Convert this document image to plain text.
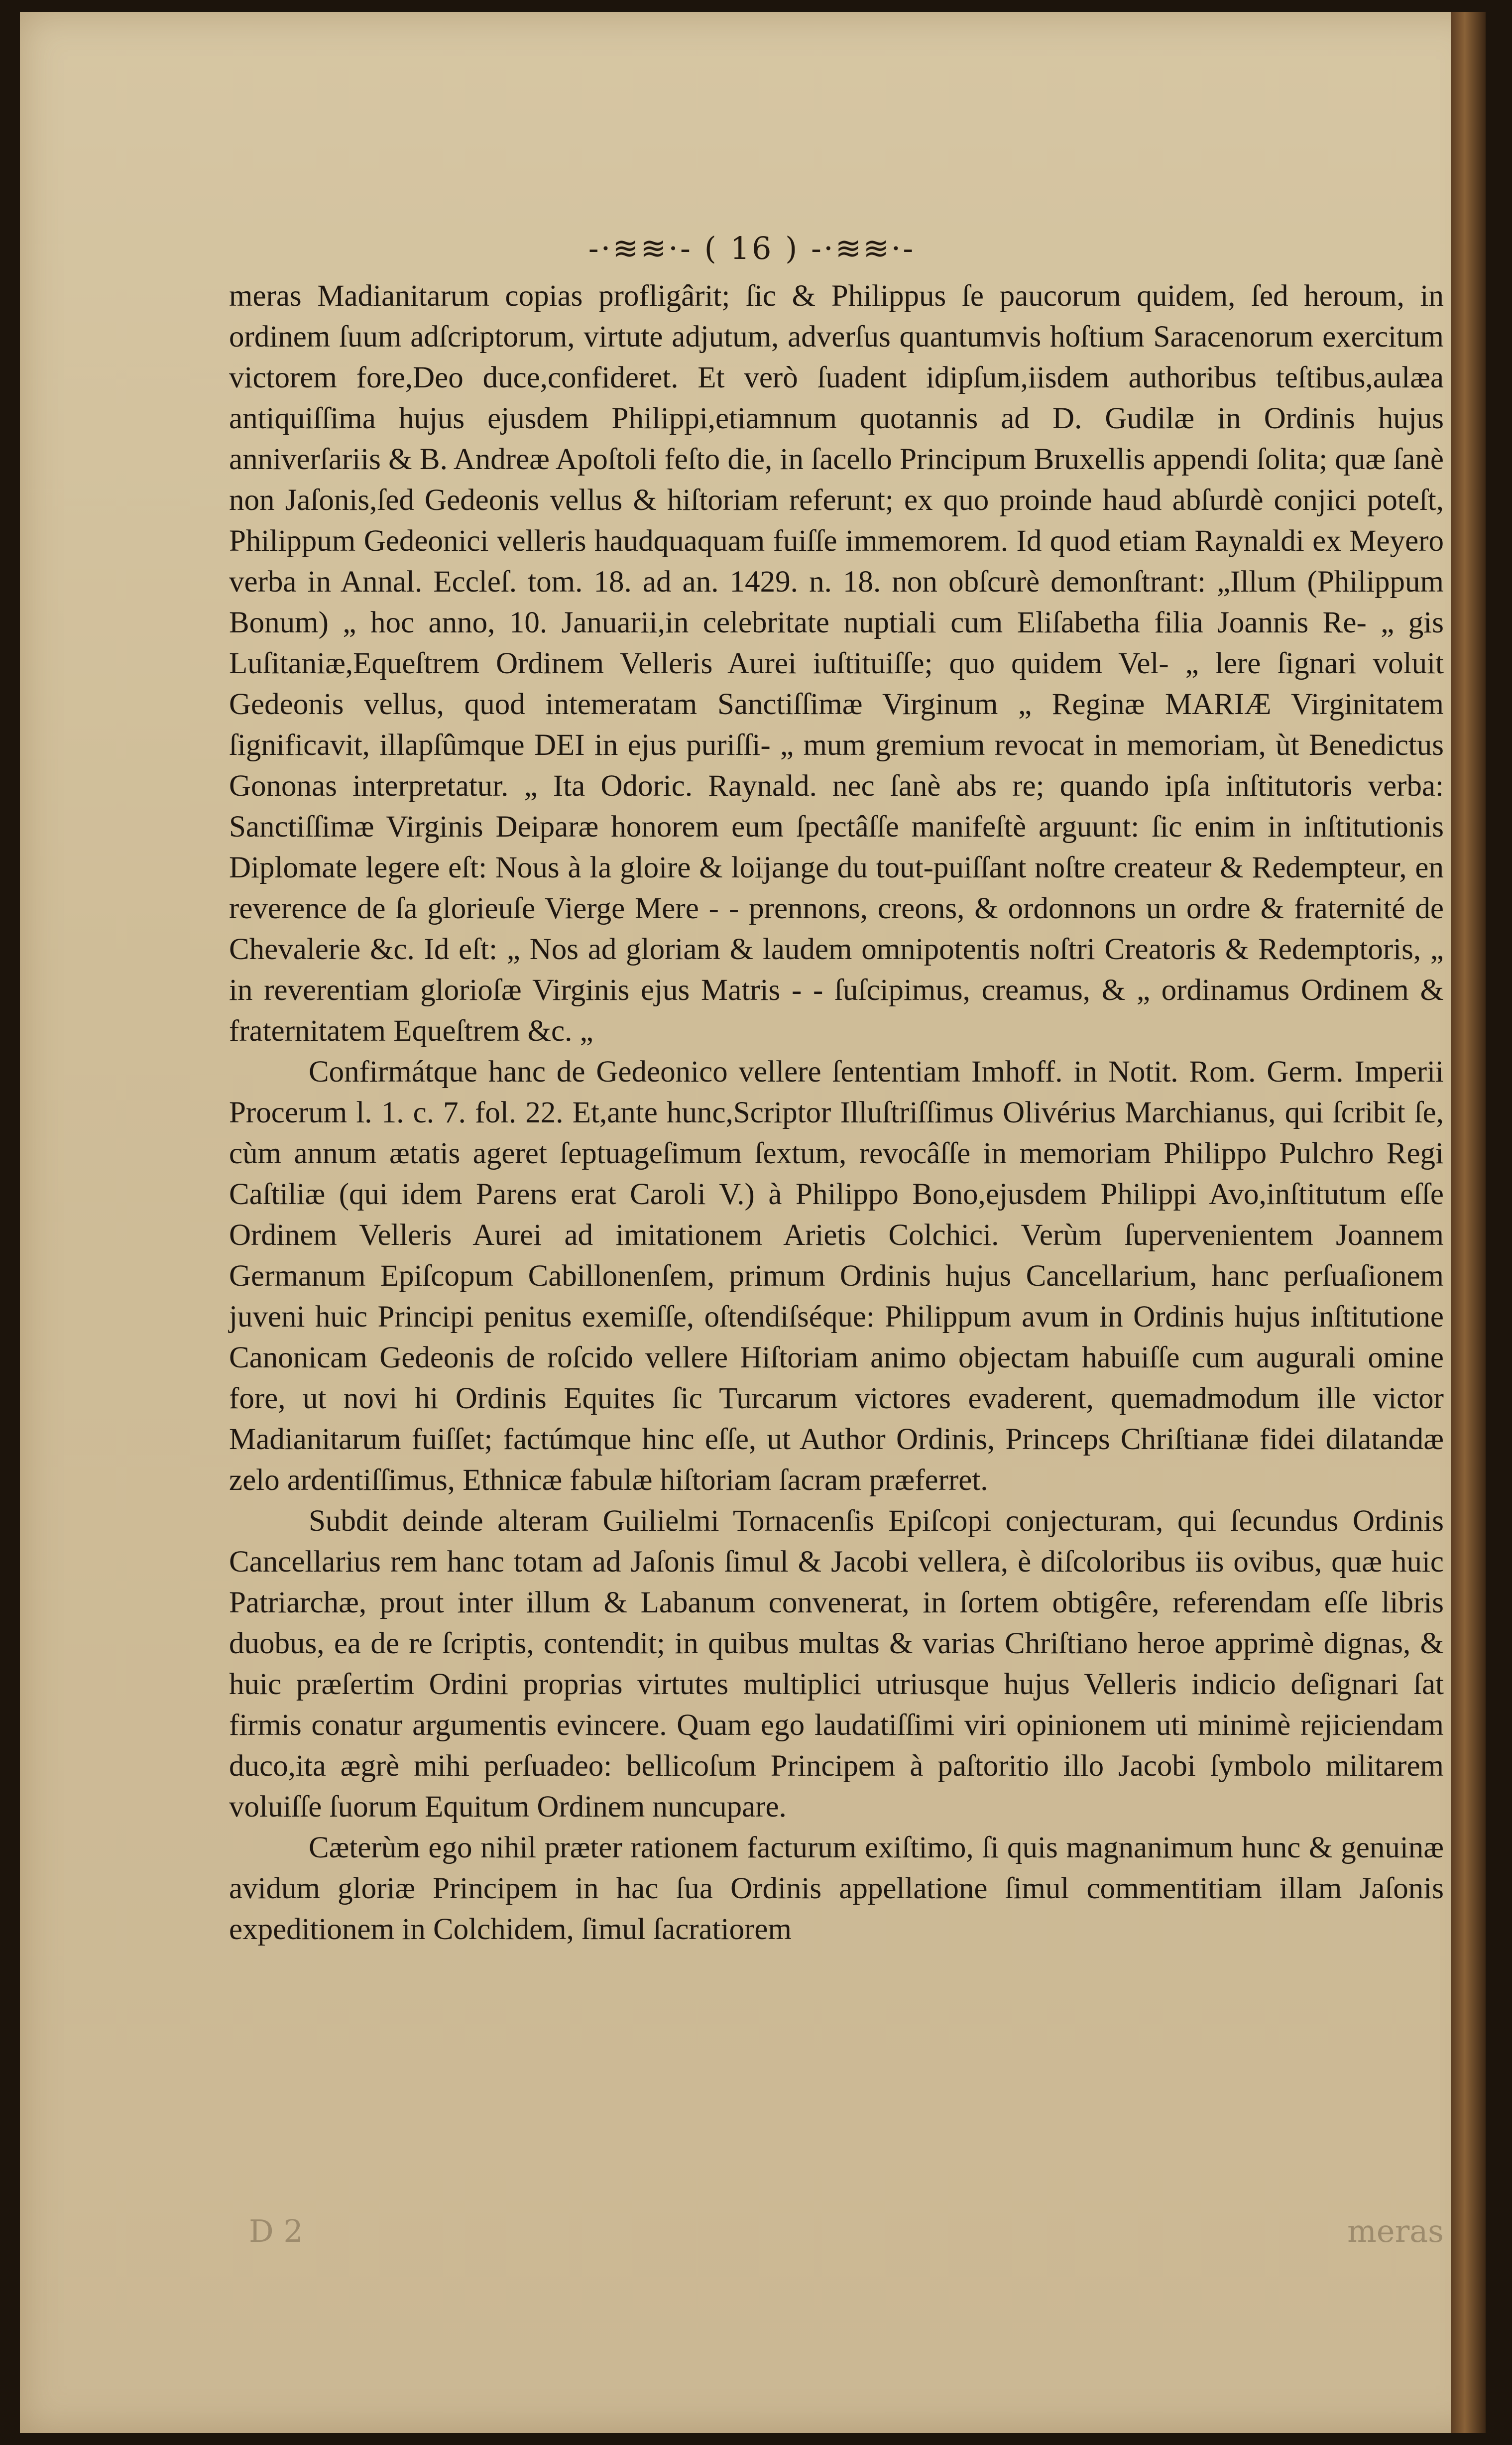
-·≋≋·- ( 16 ) -·≋≋·-

meras Madianitarum copias profligârit; ſic & Philippus ſe paucorum quidem, ſed heroum, in ordinem ſuum adſcriptorum, virtute adjutum, adverſus quantumvis hoſtium Saracenorum exercitum victorem fore,Deo duce,confideret. Et verò ſuadent idipſum,iisdem authoribus teſtibus,aulæa antiquiſſima hujus ejusdem Philippi,etiamnum quotannis ad D. Gudilæ in Ordinis hujus anniverſariis & B. Andreæ Apoſtoli feſto die, in ſacello Principum Bruxellis appendi ſolita; quæ ſanè non Jaſonis,ſed Gedeonis vellus & hiſtoriam referunt; ex quo proinde haud abſurdè conjici poteſt, Philippum Gedeonici velleris haudquaquam fuiſſe immemorem. Id quod etiam Raynaldi ex Meyero verba in Annal. Eccleſ. tom. 18. ad an. 1429. n. 18. non obſcurè demonſtrant: „Illum (Philippum Bonum) „ hoc anno, 10. Januarii,in celebritate nuptiali cum Eliſabetha filia Joannis Re- „ gis Luſitaniæ,Equeſtrem Ordinem Velleris Aurei iuſtituiſſe; quo quidem Vel- „ lere ſignari voluit Gedeonis vellus, quod intemeratam Sanctiſſimæ Virginum „ Reginæ MARIÆ Virginitatem ſignificavit, illapſûmque DEI in ejus puriſſi- „ mum gremium revocat in memoriam, ùt Benedictus Gononas interpretatur. „ Ita Odoric. Raynald. nec ſanè abs re; quando ipſa inſtitutoris verba: Sanctiſſimæ Virginis Deiparæ honorem eum ſpectâſſe manifeſtè arguunt: ſic enim in inſtitutionis Diplomate legere eſt: Nous à la gloire & loijange du tout-puiſſant noſtre createur & Redempteur, en reverence de ſa glorieuſe Vierge Mere - - prennons, creons, & ordonnons un ordre & fraternité de Chevalerie &c. Id eſt: „ Nos ad gloriam & laudem omnipotentis noſtri Creatoris & Redemptoris, „ in reverentiam glorioſæ Virginis ejus Matris - - ſuſcipimus, creamus, & „ ordinamus Ordinem & fraternitatem Equeſtrem &c. „

Confirmátque hanc de Gedeonico vellere ſententiam Imhoff. in Notit. Rom. Germ. Imperii Procerum l. 1. c. 7. fol. 22. Et,ante hunc,Scriptor Illuſtriſſimus Olivérius Marchianus, qui ſcribit ſe, cùm annum ætatis ageret ſeptuageſimum ſextum, revocâſſe in memoriam Philippo Pulchro Regi Caſtiliæ (qui idem Parens erat Caroli V.) à Philippo Bono,ejusdem Philippi Avo,inſtitutum eſſe Ordinem Velleris Aurei ad imitationem Arietis Colchici. Verùm ſupervenientem Joannem Germanum Epiſcopum Cabillonenſem, primum Ordinis hujus Cancellarium, hanc perſuaſionem juveni huic Principi penitus exemiſſe, oſtendiſséque: Philippum avum in Ordinis hujus inſtitutione Canonicam Gedeonis de roſcido vellere Hiſtoriam animo objectam habuiſſe cum augurali omine fore, ut novi hi Ordinis Equites ſic Turcarum victores evaderent, quemadmodum ille victor Madianitarum fuiſſet; factúmque hinc eſſe, ut Author Ordinis, Princeps Chriſtianæ fidei dilatandæ zelo ardentiſſimus, Ethnicæ fabulæ hiſtoriam ſacram præferret.

Subdit deinde alteram Guilielmi Tornacenſis Epiſcopi conjecturam, qui ſecundus Ordinis Cancellarius rem hanc totam ad Jaſonis ſimul & Jacobi vellera, è diſcoloribus iis ovibus, quæ huic Patriarchæ, prout inter illum & Labanum convenerat, in ſortem obtigêre, referendam eſſe libris duobus, ea de re ſcriptis, contendit; in quibus multas & varias Chriſtiano heroe apprimè dignas, & huic præſertim Ordini proprias virtutes multiplici utriusque hujus Velleris indicio deſignari ſat firmis conatur argumentis evincere. Quam ego laudatiſſimi viri opinionem uti minimè rejiciendam duco,ita ægrè mihi perſuadeo: bellicoſum Principem à paſtoritio illo Jacobi ſymbolo militarem voluiſſe ſuorum Equitum Ordinem nuncupare.

Cæterùm ego nihil præter rationem facturum exiſtimo, ſi quis magnanimum hunc & genuinæ avidum gloriæ Principem in hac ſua Ordinis appellatione ſimul commentitiam illam Jaſonis expeditionem in Colchidem, ſimul ſacratiorem

D 2	meras
